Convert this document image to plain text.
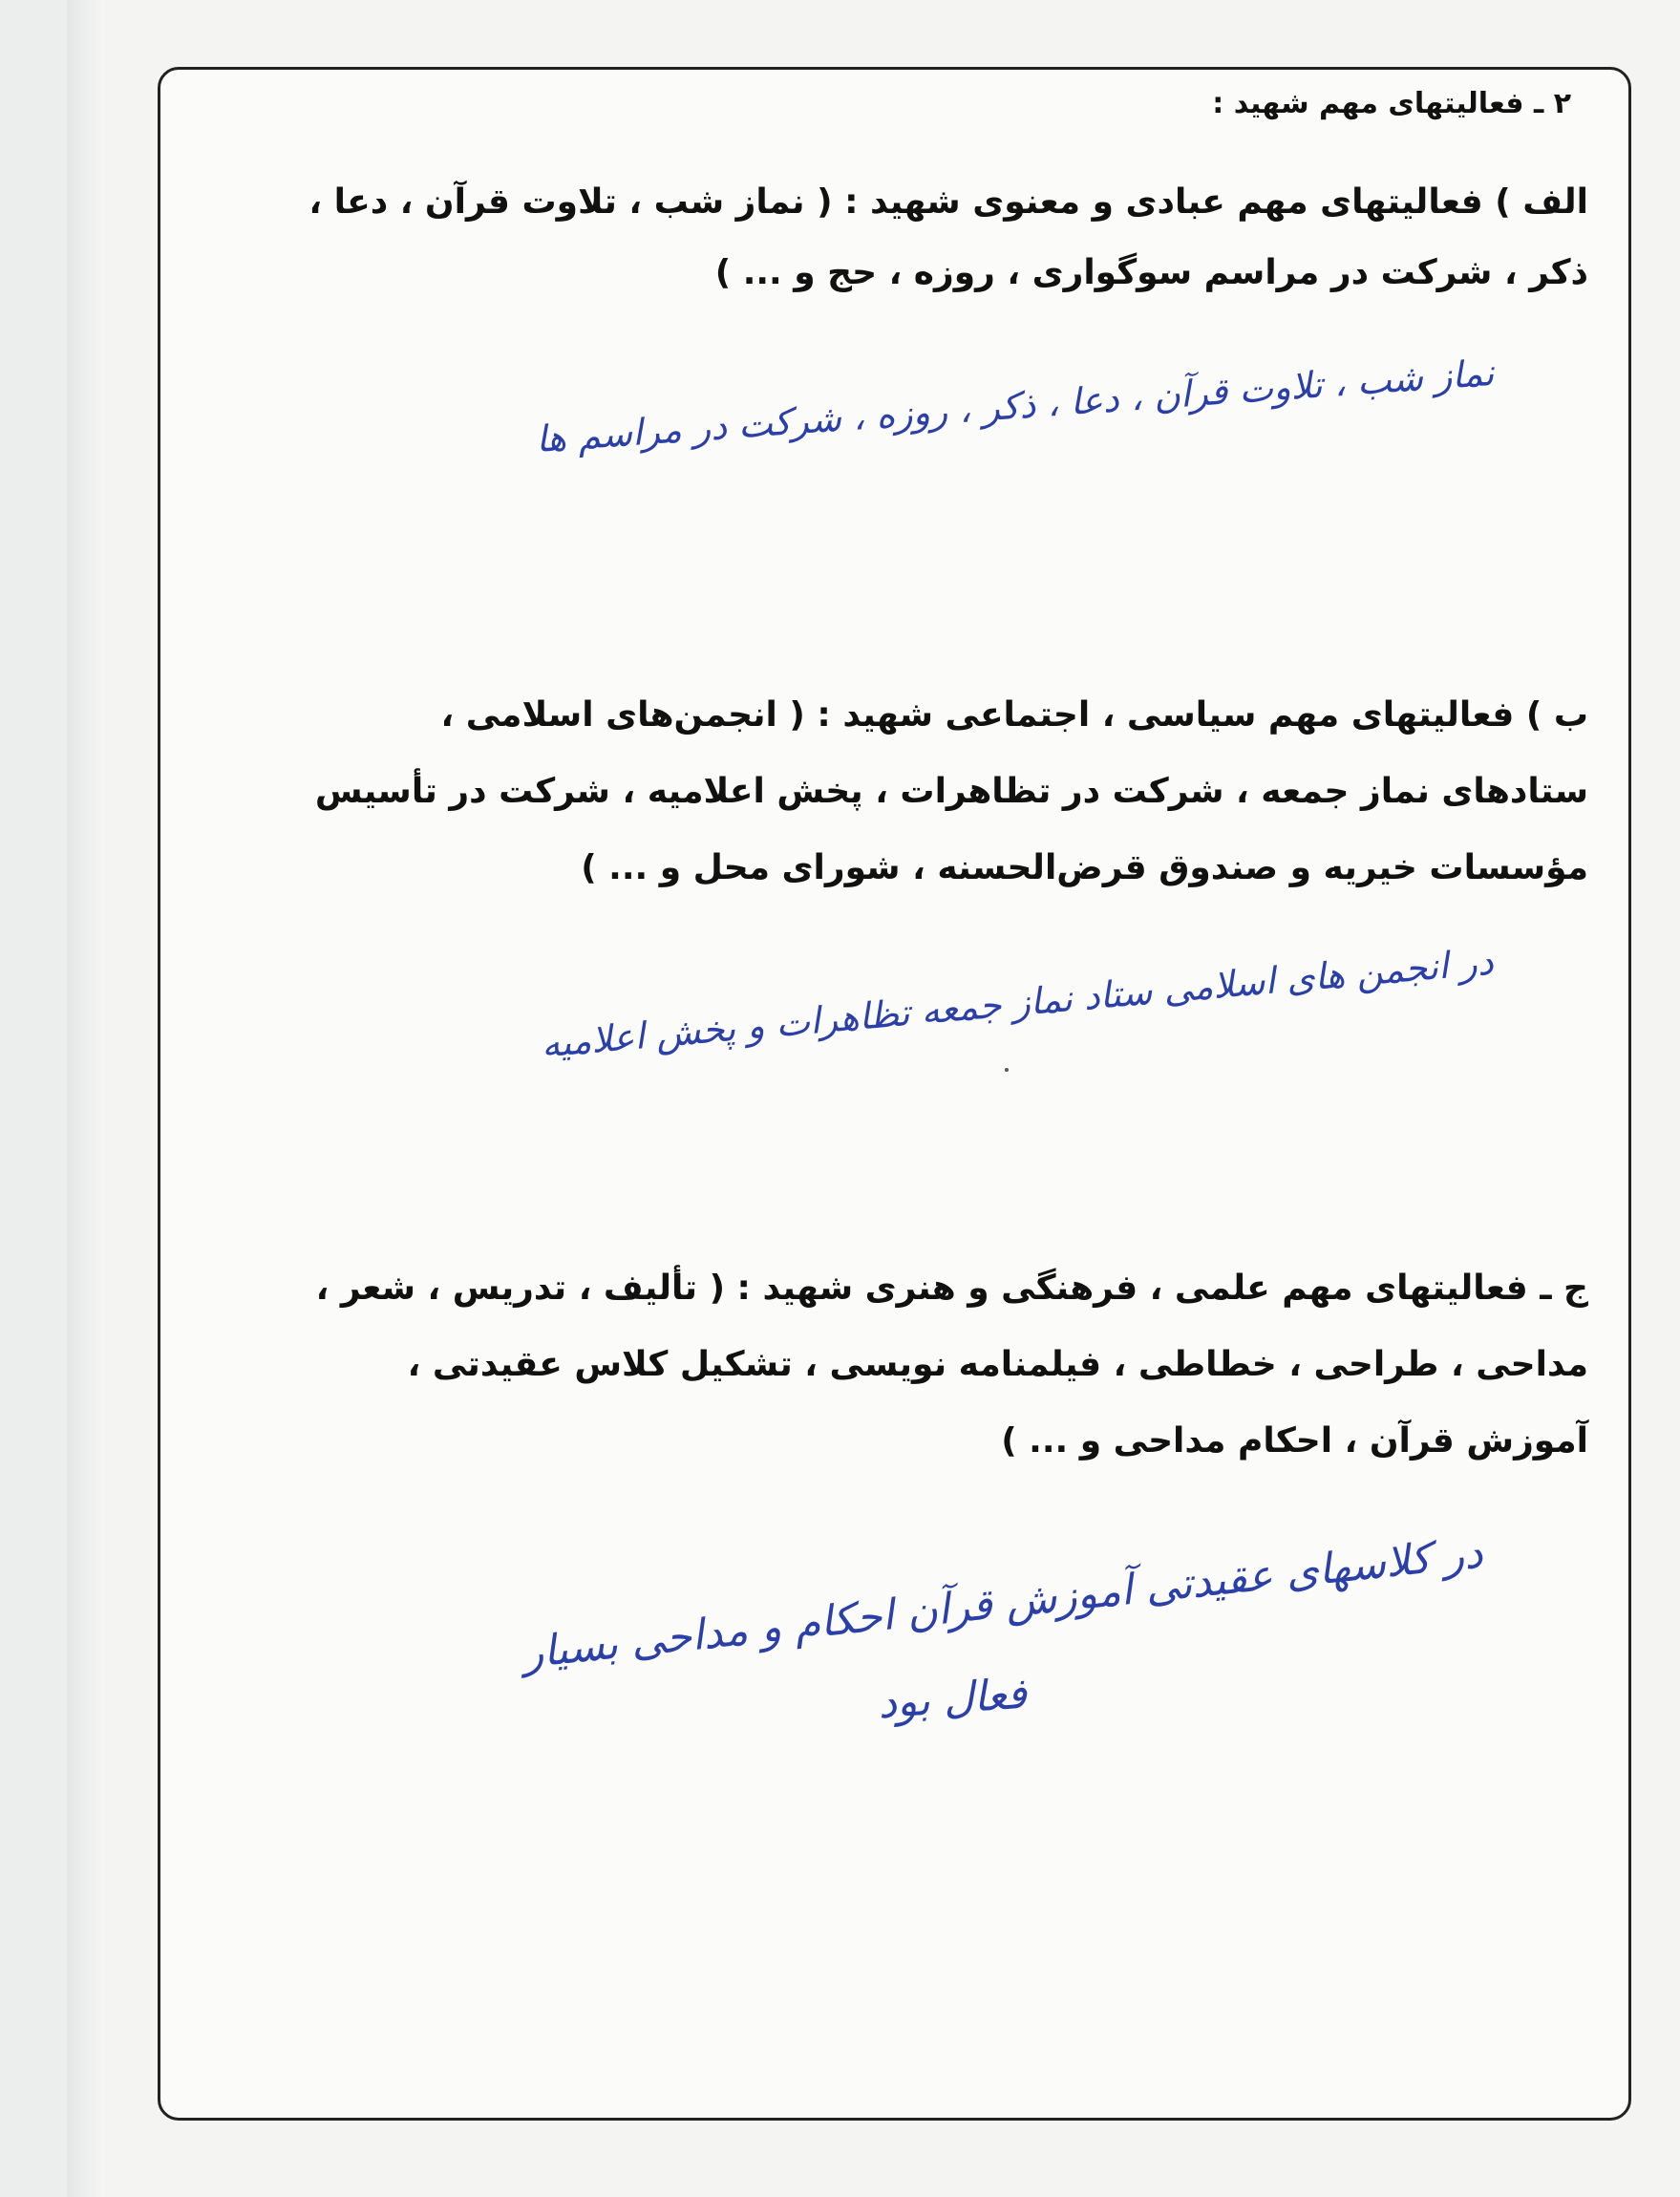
۲ ـ فعالیتهای مهم شهید :
الف ) فعالیتهای مهم عبادی و معنوی شهید : ( نماز شب ، تلاوت قرآن ، دعا ،
ذکر ، شرکت در مراسم سوگواری ، روزه ، حج و ... )
نماز شب ، تلاوت قرآن ، دعا ، ذکر ، روزه ، شرکت در مراسم ها
ب ) فعالیتهای مهم سیاسی ، اجتماعی شهید : ( انجمن‌های اسلامی ،
ستادهای نماز جمعه ، شرکت در تظاهرات ، پخش اعلامیه ، شرکت در تأسیس
مؤسسات خیریه و صندوق قرض‌الحسنه ، شورای محل و ... )
در انجمن های اسلامی ستاد نماز جمعه تظاهرات و پخش اعلامیه
ج ـ فعالیتهای مهم علمی ، فرهنگی و هنری شهید : ( تألیف ، تدریس ، شعر ،
مداحی ، طراحی ، خطاطی ، فیلمنامه نویسی ، تشکیل کلاس عقیدتی ،
آموزش قرآن ، احکام مداحی و ... )
در کلاسهای عقیدتی آموزش قرآن احکام و مداحی بسیار
فعال بود
